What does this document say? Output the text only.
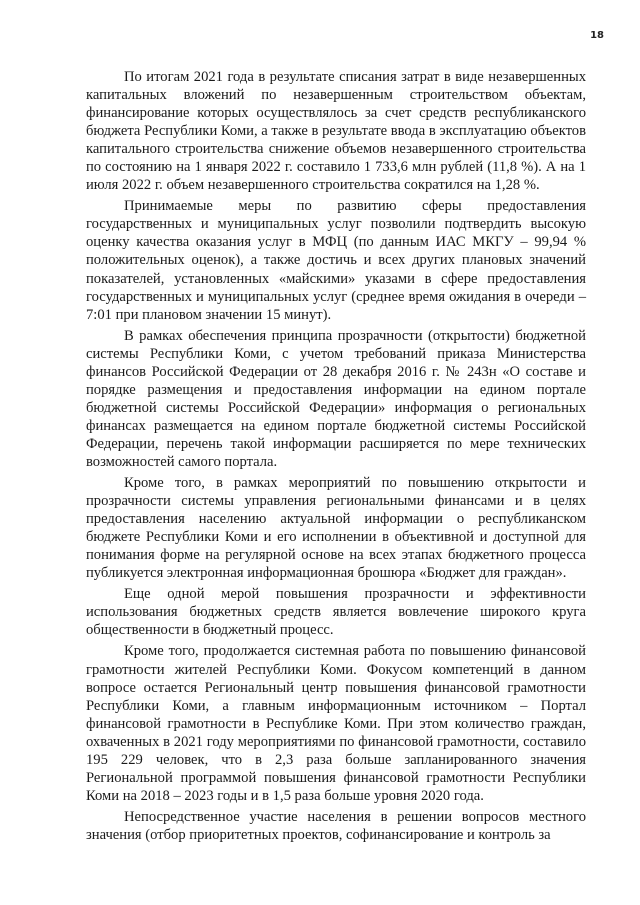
18

По итогам 2021 года в результате списания затрат в виде незавершенных капитальных вложений по незавершенным строительством объектам, финансирование которых осуществлялось за счет средств республиканского бюджета Республики Коми, а также в результате ввода в эксплуатацию объектов капитального строительства снижение объемов незавершенного строительства по состоянию на 1 января 2022 г. составило 1 733,6 млн рублей (11,8 %). А на 1 июля 2022 г. объем незавершенного строительства сократился на 1,28 %.

Принимаемые меры по развитию сферы предоставления государственных и муниципальных услуг позволили подтвердить высокую оценку качества оказания услуг в МФЦ (по данным ИАС МКГУ – 99,94 % положительных оценок), а также достичь и всех других плановых значений показателей, установленных «майскими» указами в сфере предоставления государственных и муниципальных услуг (среднее время ожидания в очереди – 7:01 при плановом значении 15 минут).

В рамках обеспечения принципа прозрачности (открытости) бюджетной системы Республики Коми, с учетом требований приказа Министерства финансов Российской Федерации от 28 декабря 2016 г. № 243н «О составе и порядке размещения и предоставления информации на едином портале бюджетной системы Российской Федерации» информация о региональных финансах размещается на едином портале бюджетной системы Российской Федерации, перечень такой информации расширяется по мере технических возможностей самого портала.

Кроме того, в рамках мероприятий по повышению открытости и прозрачности системы управления региональными финансами и в целях предоставления населению актуальной информации о республиканском бюджете Республики Коми и его исполнении в объективной и доступной для понимания форме на регулярной основе на всех этапах бюджетного процесса публикуется электронная информационная брошюра «Бюджет для граждан».

Еще одной мерой повышения прозрачности и эффективности использования бюджетных средств является вовлечение широкого круга общественности в бюджетный процесс.

Кроме того, продолжается системная работа по повышению финансовой грамотности жителей Республики Коми. Фокусом компетенций в данном вопросе остается Региональный центр повышения финансовой грамотности Республики Коми, а главным информационным источником – Портал финансовой грамотности в Республике Коми. При этом количество граждан, охваченных в 2021 году мероприятиями по финансовой грамотности, составило 195 229 человек, что в 2,3 раза больше запланированного значения Региональной программой повышения финансовой грамотности Республики Коми на 2018 – 2023 годы и в 1,5 раза больше уровня 2020 года.

Непосредственное участие населения в решении вопросов местного значения (отбор приоритетных проектов, софинансирование и контроль за
